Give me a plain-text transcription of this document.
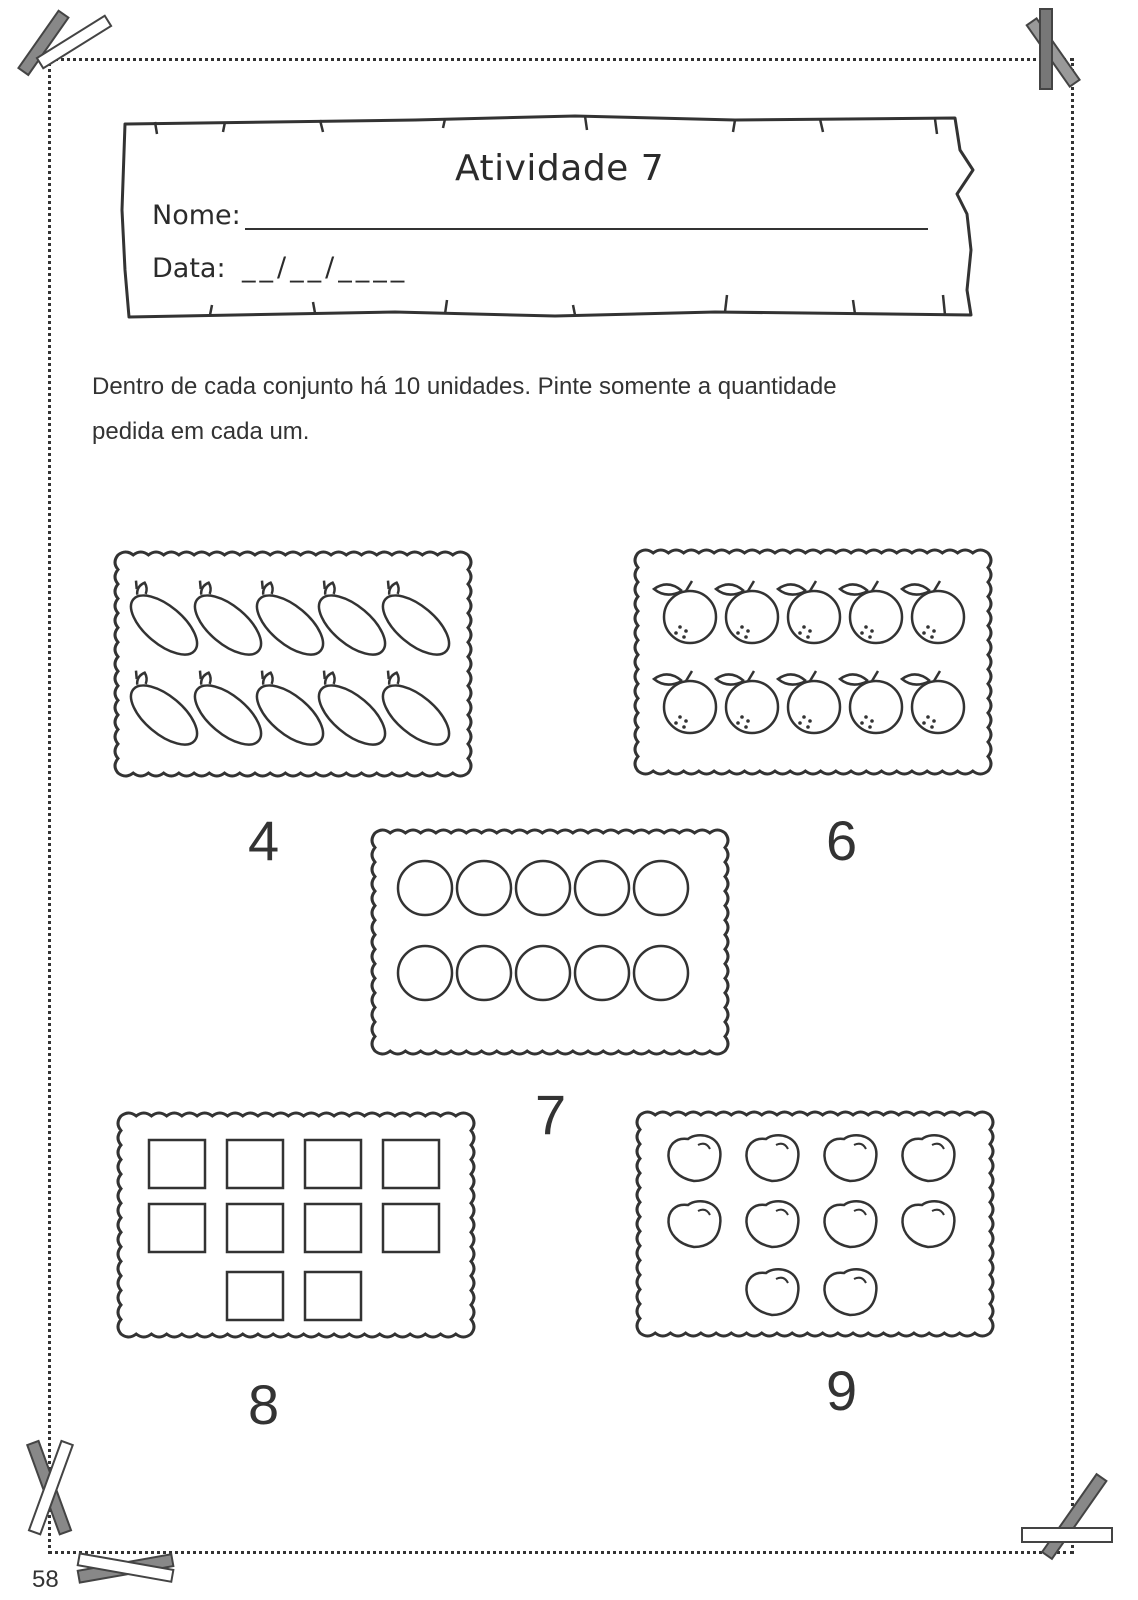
Atividade 7
Nome:
Data: __/__/____
Dentro de cada conjunto há 10 unidades. Pinte somente a quantidade
pedida em cada um.
4	6
7
8	9
58
